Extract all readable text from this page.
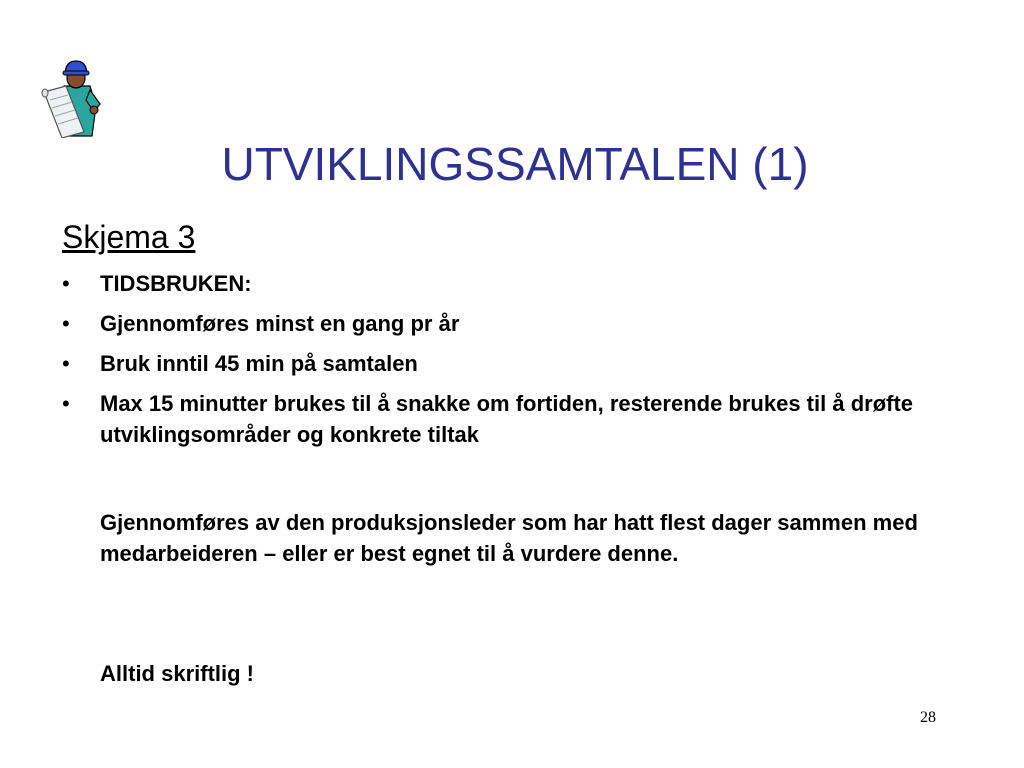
UTVIKLINGSSAMTALEN (1)
Skjema 3
• TIDSBRUKEN:
• Gjennomføres minst en gang pr år
• Bruk inntil 45 min på samtalen
• Max 15 minutter brukes til å snakke om fortiden, resterende brukes til å drøfte utviklingsområder og konkrete tiltak

Gjennomføres av den produksjonsleder som har hatt flest dager sammen med medarbeideren – eller er best egnet til å vurdere denne.

Alltid skriftlig !

28
